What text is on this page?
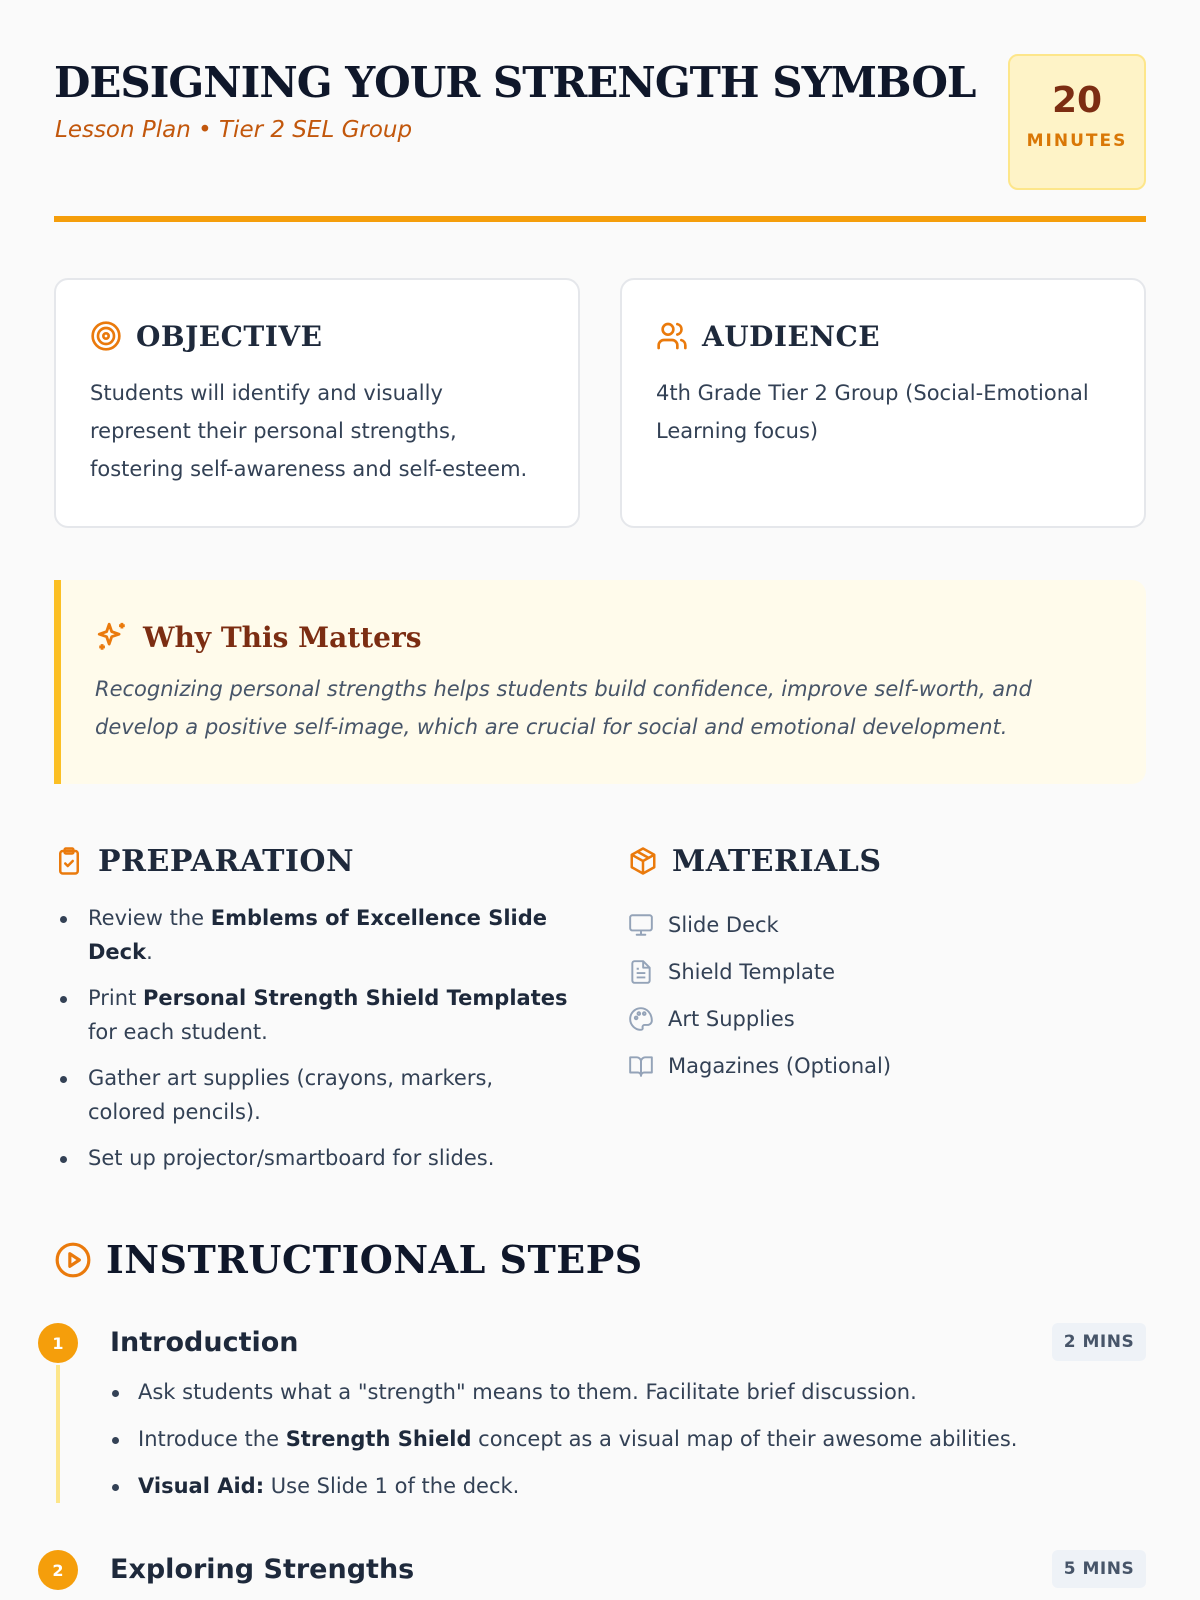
DESIGNING YOUR STRENGTH SYMBOL
Lesson Plan • Tier 2 SEL Group
20
MINUTES
OBJECTIVE
Students will identify and visually represent their personal strengths, fostering self-awareness and self-esteem.
AUDIENCE
4th Grade Tier 2 Group (Social-Emotional Learning focus)
Why This Matters
Recognizing personal strengths helps students build confidence, improve self-worth, and develop a positive self-image, which are crucial for social and emotional development.
PREPARATION
Review the Emblems of Excellence Slide Deck.
Print Personal Strength Shield Templates for each student.
Gather art supplies (crayons, markers, colored pencils).
Set up projector/smartboard for slides.
MATERIALS
Slide Deck
Shield Template
Art Supplies
Magazines (Optional)
INSTRUCTIONAL STEPS
1	Introduction	2 MINS
Ask students what a "strength" means to them. Facilitate brief discussion.
Introduce the Strength Shield concept as a visual map of their awesome abilities.
Visual Aid: Use Slide 1 of the deck.
2	Exploring Strengths	5 MINS
